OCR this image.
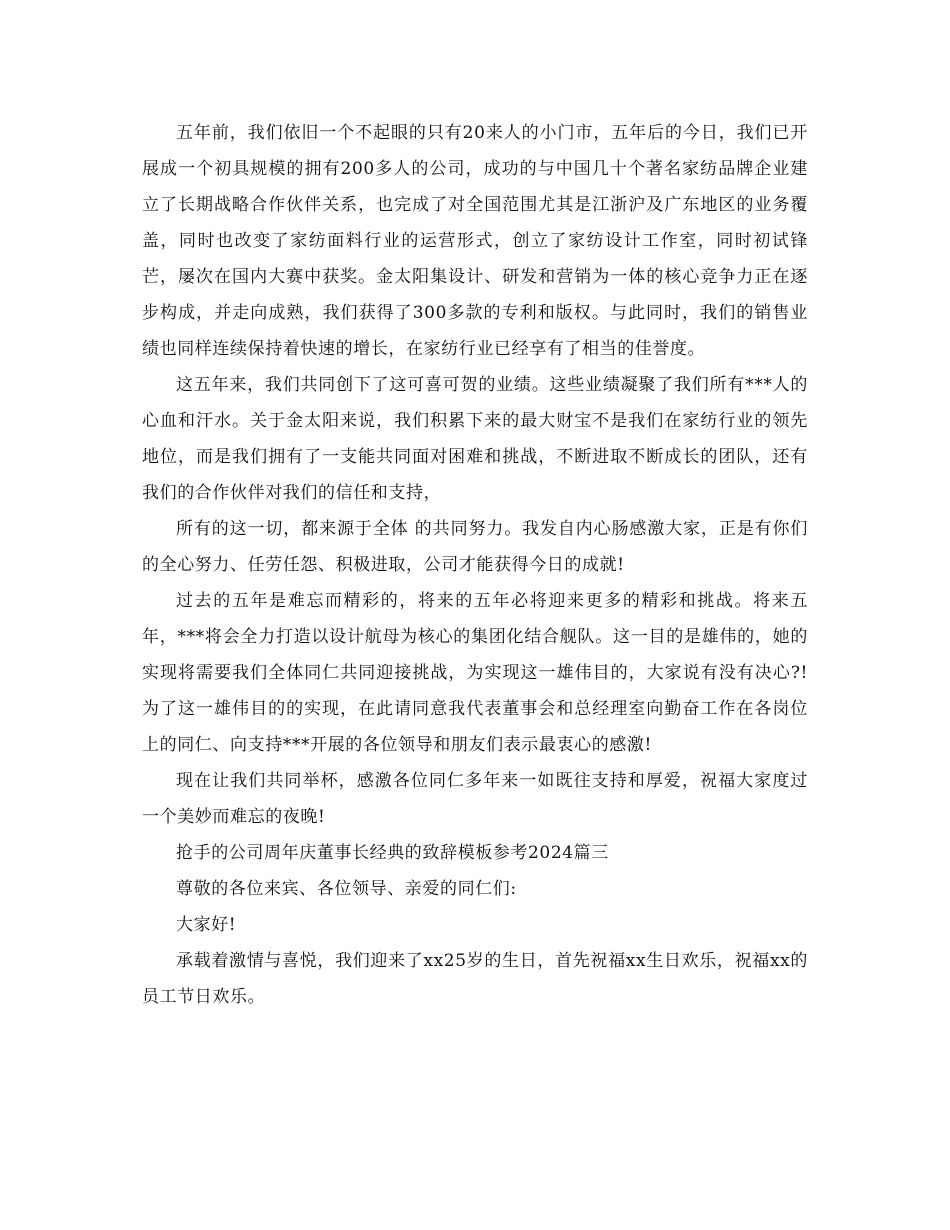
五年前，我们依旧一个不起眼的只有20来人的小门市，五年后的今日，我们已开展成一个初具规模的拥有200多人的公司，成功的与中国几十个著名家纺品牌企业建立了长期战略合作伙伴关系，也完成了对全国范围尤其是江浙沪及广东地区的业务覆盖，同时也改变了家纺面料行业的运营形式，创立了家纺设计工作室，同时初试锋芒，屡次在国内大赛中获奖。金太阳集设计、研发和营销为一体的核心竞争力正在逐步构成，并走向成熟，我们获得了300多款的专利和版权。与此同时，我们的销售业绩也同样连续保持着快速的增长，在家纺行业已经享有了相当的佳誉度。

这五年来，我们共同创下了这可喜可贺的业绩。这些业绩凝聚了我们所有***人的心血和汗水。关于金太阳来说，我们积累下来的最大财宝不是我们在家纺行业的领先地位，而是我们拥有了一支能共同面对困难和挑战，不断进取不断成长的团队，还有我们的合作伙伴对我们的信任和支持，

所有的这一切，都来源于全体 的共同努力。我发自内心肠感激大家，正是有你们的全心努力、任劳任怨、积极进取，公司才能获得今日的成就!

过去的五年是难忘而精彩的，将来的五年必将迎来更多的精彩和挑战。将来五年，***将会全力打造以设计航母为核心的集团化结合舰队。这一目的是雄伟的，她的实现将需要我们全体同仁共同迎接挑战，为实现这一雄伟目的，大家说有没有决心?!为了这一雄伟目的的实现，在此请同意我代表董事会和总经理室向勤奋工作在各岗位上的同仁、向支持***开展的各位领导和朋友们表示最衷心的感激!

现在让我们共同举杯，感激各位同仁多年来一如既往支持和厚爱，祝福大家度过一个美妙而难忘的夜晚!

抢手的公司周年庆董事长经典的致辞模板参考2024篇三

尊敬的各位来宾、各位领导、亲爱的同仁们:

大家好!

承载着激情与喜悦，我们迎来了xx25岁的生日，首先祝福xx生日欢乐，祝福xx的员工节日欢乐。
